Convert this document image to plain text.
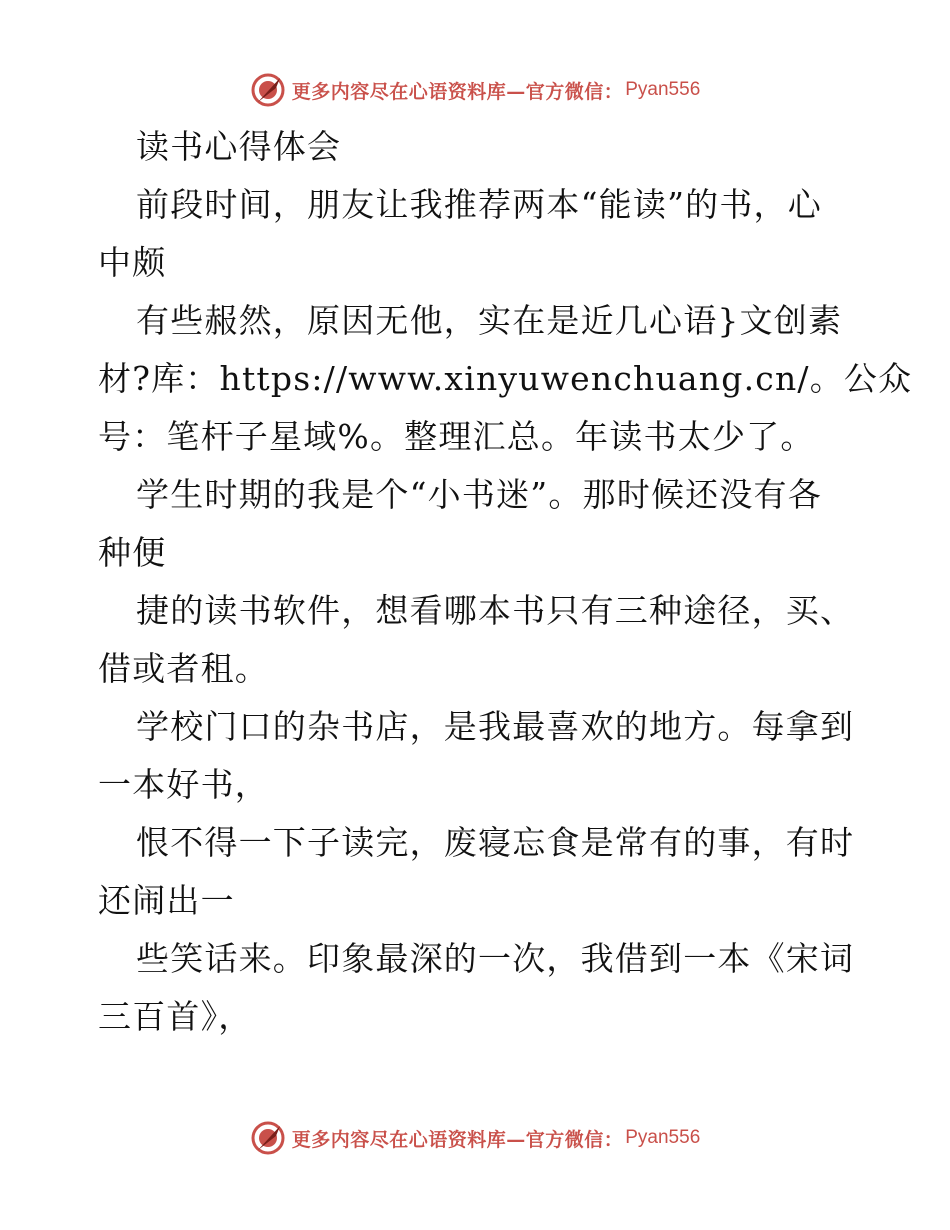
更多内容尽在心语资料库—官方微信： Pyan556

读书心得体会

前段时间，朋友让我推荐两本“能读”的书，心

中颇

有些赧然，原因无他，实在是近几心语}文创素

材?库：https://www.xinyuwenchuang.cn/。公众

号：笔杆子星域%。整理汇总。年读书太少了。

学生时期的我是个“小书迷”。那时候还没有各

种便

捷的读书软件，想看哪本书只有三种途径，买、

借或者租。

学校门口的杂书店，是我最喜欢的地方。每拿到

一本好书，

恨不得一下子读完，废寝忘食是常有的事，有时

还闹出一

些笑话来。印象最深的一次，我借到一本《宋词

三百首》，

更多内容尽在心语资料库—官方微信： Pyan556
